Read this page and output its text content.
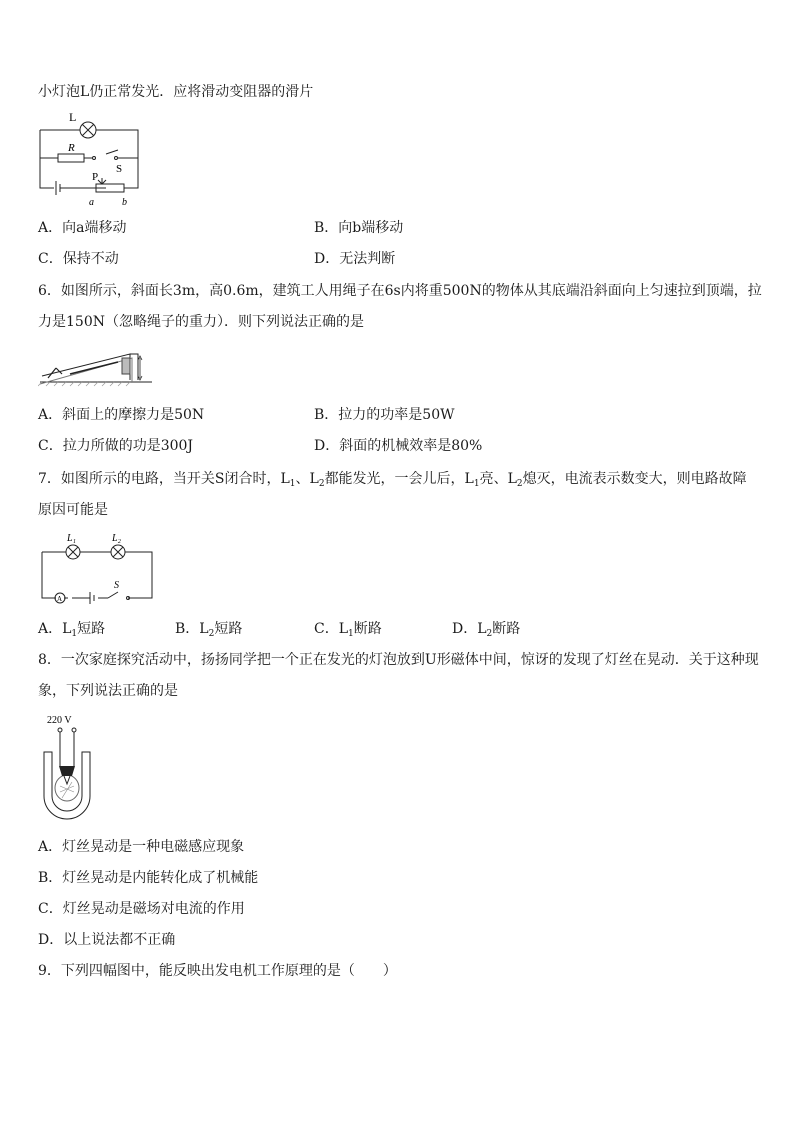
小灯泡L仍正常发光．应将滑动变阻器的滑片
L
R
S
P
a	b
A．向a端移动	B．向b端移动
C．保持不动	D．无法判断
6．如图所示，斜面长3m，高0.6m，建筑工人用绳子在6s内将重500N的物体从其底端沿斜面向上匀速拉到顶端，拉
力是150N（忽略绳子的重力）．则下列说法正确的是
A．斜面上的摩擦力是50N	B．拉力的功率是50W
C．拉力所做的功是300J	D．斜面的机械效率是80%
7．如图所示的电路，当开关S闭合时，$L_1$、$L_2$都能发光，一会儿后，$L_1$亮、$L_2$熄灭，电流表示数变大，则电路故障
原因可能是
L₁	L₂
A
S
A．$L_1$短路	B．$L_2$短路	C．$L_1$断路	D．$L_2$断路
8．一次家庭探究活动中，扬扬同学把一个正在发光的灯泡放到U形磁体中间，惊讶的发现了灯丝在晃动．关于这种现
象，下列说法正确的是
220 V
A．灯丝晃动是一种电磁感应现象
B．灯丝晃动是内能转化成了机械能
C．灯丝晃动是磁场对电流的作用
D．以上说法都不正确
9．下列四幅图中，能反映出发电机工作原理的是（　　）
